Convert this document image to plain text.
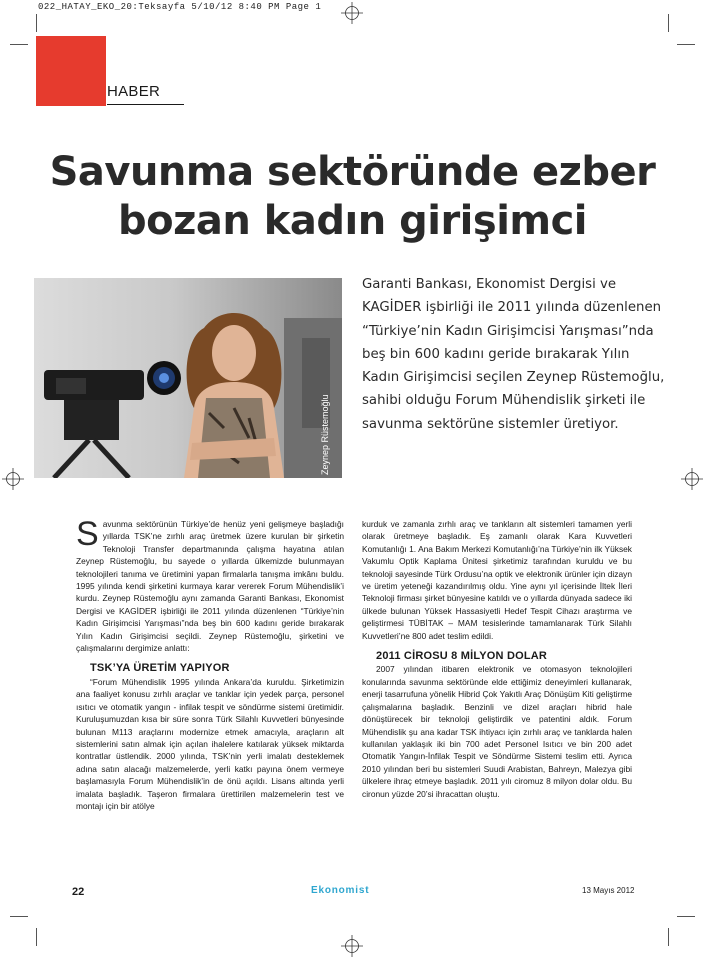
022_HATAY_EKO_20:Teksayfa 5/10/12 8:40 PM Page 1
HABER
Savunma sektöründe ezber
bozan kadın girişimci
Zeynep Rüstemoğlu
Garanti Bankası, Ekonomist Dergisi ve KAGİDER işbirliği ile 2011 yılında düzenlenen “Türkiye’nin Kadın Girişimcisi Yarışması”nda beş bin 600 kadını geride bırakarak Yılın Kadın Girişimcisi seçilen Zeynep Rüstemoğlu, sahibi olduğu Forum Mühendislik şirketi ile savunma sektörüne sistemler üretiyor.

Savunma sektörünün Türkiye’de henüz yeni gelişmeye başladığı yıllarda TSK’ne zırhlı araç üretmek üzere kurulan bir şirketin Teknoloji Transfer departmanında çalışma hayatına atılan Zeynep Rüstemoğlu, bu sayede o yıllarda ülkemizde bulunmayan teknolojileri tanıma ve üretimini yapan firmalarla tanışma imkânı buldu. 1995 yılında kendi şirketini kurmaya karar vererek Forum Mühendislik’i kurdu. Zeynep Rüstemoğlu aynı zamanda Garanti Bankası, Ekonomist Dergisi ve KAGİDER işbirliği ile 2011 yılında düzenlenen “Türkiye’nin Kadın Girişimcisi Yarışması”nda beş bin 600 kadını geride bırakarak Yılın Kadın Girişimcisi seçildi. Zeynep Rüstemoğlu, şirketini ve çalışmalarını dergimize anlattı:

TSK’YA ÜRETİM YAPIYOR

“Forum Mühendislik 1995 yılında Ankara’da kuruldu. Şirketimizin ana faaliyet konusu zırhlı araçlar ve tanklar için yedek parça, personel ısıtıcı ve otomatik yangın - infilak tespit ve söndürme sistemi üretimidir. Kuruluşumuzdan kısa bir süre sonra Türk Silahlı Kuvvetleri bünyesinde bulunan M113 araçlarını modernize etmek amacıyla, araçların alt sistemlerini satın almak için açılan ihalelere katılarak yüksek miktarda kontratlar üstlendik. 2000 yılında, TSK’nin yerli imalatı desteklemek adına satın alacağı malzemelerde, yerli katkı payına önem vermeye başlamasıyla Forum Mühendislik’in de önü açıldı. Lisans altında yerli imalata başladık. Taşeron firmalara ürettirilen malzemelerin test ve montajı için bir atölye

kurduk ve zamanla zırhlı araç ve tankların alt sistemleri tamamen yerli olarak üretmeye başladık. Eş zamanlı olarak Kara Kuvvetleri Komutanlığı 1. Ana Bakım Merkezi Komutanlığı’na Türkiye’nin ilk Yüksek Vakumlu Optik Kaplama Ünitesi şirketimiz tarafından kuruldu ve bu teknoloji sayesinde Türk Ordusu’na optik ve elektronik ürünler için dizayn ve üretim yeteneği kazandırılmış oldu. Yine aynı yıl içerisinde İltek İleri Teknoloji firması şirket bünyesine katıldı ve o yıllarda dünyada sadece iki ülkede bulunan Yüksek Hassasiyetli Hedef Tespit Cihazı araştırma ve geliştirmesi TÜBİTAK – MAM tesislerinde tamamlanarak Türk Silahlı Kuvvetleri’ne 800 adet teslim edildi.

2011 CİROSU 8 MİLYON DOLAR

2007 yılından itibaren elektronik ve otomasyon teknolojileri konularında savunma sektöründe elde ettiğimiz deneyimleri kullanarak, enerji tasarrufuna yönelik Hibrid Çok Yakıtlı Araç Dönüşüm Kiti geliştirme çalışmalarına başladık. Benzinli ve dizel araçları hibrid hale dönüştürecek bir teknoloji geliştirdik ve patentini aldık. Forum Mühendislik şu ana kadar TSK ihtiyacı için zırhlı araç ve tanklarda halen kullanılan yaklaşık iki bin 700 adet Personel Isıtıcı ve bin 200 adet Otomatik Yangın-İnfilak Tespit ve Söndürme Sistemi teslim etti. Ayrıca 2010 yılından beri bu sistemleri Suudi Arabistan, Bahreyn, Malezya gibi ülkelere ihraç etmeye başladık. 2011 yılı ciromuz 8 milyon dolar oldu. Bu cironun yüzde 20’si ihracattan oluştu.

22	Ekonomist	13 Mayıs 2012
